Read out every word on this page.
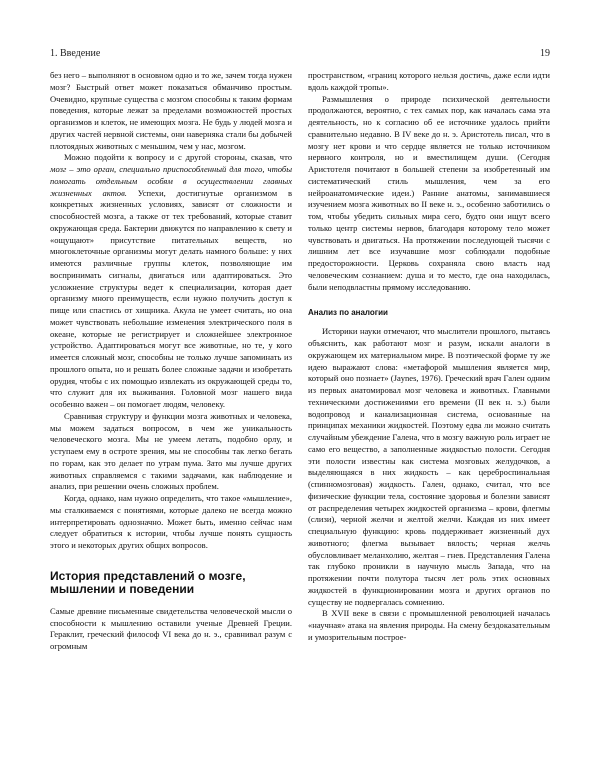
1. Введение	19

без него – выполняют в основном одно и то же, зачем тогда нужен мозг? Быстрый ответ может показаться обманчиво простым. Очевидно, крупные существа с мозгом способны к таким формам поведения, которые лежат за пределами возможностей простых организмов и клеток, не имеющих мозга. Не будь у людей мозга и других частей нервной системы, они наверняка стали бы добычей плотоядных животных с меньшим, чем у нас, мозгом.

Можно подойти к вопросу и с другой стороны, сказав, что мозг – это орган, специально приспособленный для того, чтобы помогать отдельным особям в осуществлении главных жизненных актов. Успехи, достигнутые организмом в конкретных жизненных условиях, зависят от сложности и способностей мозга, а также от тех требований, которые ставит окружающая среда. Бактерии движутся по направлению к свету и «ощущают» присутствие питательных веществ, но многоклеточные организмы могут делать намного больше: у них имеются различные группы клеток, позволяющие им воспринимать сигналы, двигаться или адаптироваться. Это усложнение структуры ведет к специализации, которая дает организму много преимуществ, если нужно получить доступ к пище или спастись от хищника. Акула не умеет считать, но она может чувствовать небольшие изменения электрического поля в океане, которые не регистрирует и сложнейшее электронное устройство. Адаптироваться могут все животные, но те, у кого имеется сложный мозг, способны не только лучше запоминать из прошлого опыта, но и решать более сложные задачи и изобретать орудия, чтобы с их помощью извлекать из окружающей среды то, что служит для их выживания. Головной мозг нашего вида особенно важен – он помогает людям, человеку.

Сравнивая структуру и функции мозга животных и человека, мы можем задаться вопросом, в чем же уникальность человеческого мозга. Мы не умеем летать, подобно орлу, и уступаем ему в остроте зрения, мы не способны так легко бегать по горам, как это делает по утрам пума. Зато мы лучше других животных справляемся с такими задачами, как наблюдение и анализ, при решении очень сложных проблем.

Когда, однако, нам нужно определить, что такое «мышление», мы сталкиваемся с понятиями, которые далеко не всегда можно интерпретировать однозначно. Может быть, именно сейчас нам следует обратиться к истории, чтобы лучше понять сущность этого и некоторых других общих вопросов.

История представлений о мозге, мышлении и поведении

Самые древние письменные свидетельства человеческой мысли о способности к мышлению оставили ученые Древней Греции. Гераклит, греческий философ VI века до н. э., сравнивал разум с огромным

пространством, «границ которого нельзя достичь, даже если идти вдоль каждой тропы».

Размышления о природе психической деятельности продолжаются, вероятно, с тех самых пор, как началась сама эта деятельность, но к согласию об ее источнике удалось прийти сравнительно недавно. В IV веке до н. э. Аристотель писал, что в мозгу нет крови и что сердце является не только источником нервного контроля, но и вместилищем души. (Сегодня Аристотеля почитают в большей степени за изобретенный им систематический стиль мышления, чем за его нейроанатомические идеи.) Ранние анатомы, занимавшиеся изучением мозга животных во II веке н. э., особенно заботились о том, чтобы убедить сильных мира сего, будто они ищут всего только центр системы нервов, благодаря которому тело может чувствовать и двигаться. На протяжении последующей тысячи с лишним лет все изучавшие мозг соблюдали подобные предосторожности. Церковь сохраняла свою власть над человеческим сознанием: душа и то место, где она находилась, были неподвластны прямому исследованию.

Анализ по аналогии

Историки науки отмечают, что мыслители прошлого, пытаясь объяснить, как работают мозг и разум, искали аналоги в окружающем их материальном мире. В поэтической форме ту же идею выражают слова: «метафорой мышления является мир, который оно познает» (Jaynes, 1976). Греческий врач Гален одним из первых анатомировал мозг человека и животных. Главными техническими достижениями его времени (II век н. э.) были водопровод и канализационная система, основанные на принципах механики жидкостей. Поэтому едва ли можно считать случайным убеждение Галена, что в мозгу важную роль играет не само его вещество, а заполненные жидкостью полости. Сегодня эти полости известны как система мозговых желудочков, а выделяющаяся в них жидкость – как цереброспинальная (спинномозговая) жидкость. Гален, однако, считал, что все физические функции тела, состояние здоровья и болезни зависят от распределения четырех жидкостей организма – крови, флегмы (слизи), черной желчи и желтой желчи. Каждая из них имеет специальную функцию: кровь поддерживает жизненный дух животного; флегма вызывает вялость; черная желчь обусловливает меланхолию, желтая – гнев. Представления Галена так глубоко проникли в научную мысль Запада, что на протяжении почти полутора тысяч лет роль этих основных жидкостей в функционировании мозга и других органов по существу не подвергалась сомнению.

В XVII веке в связи с промышленной революцией началась «научная» атака на явления природы. На смену бездоказательным и умозрительным построе-
